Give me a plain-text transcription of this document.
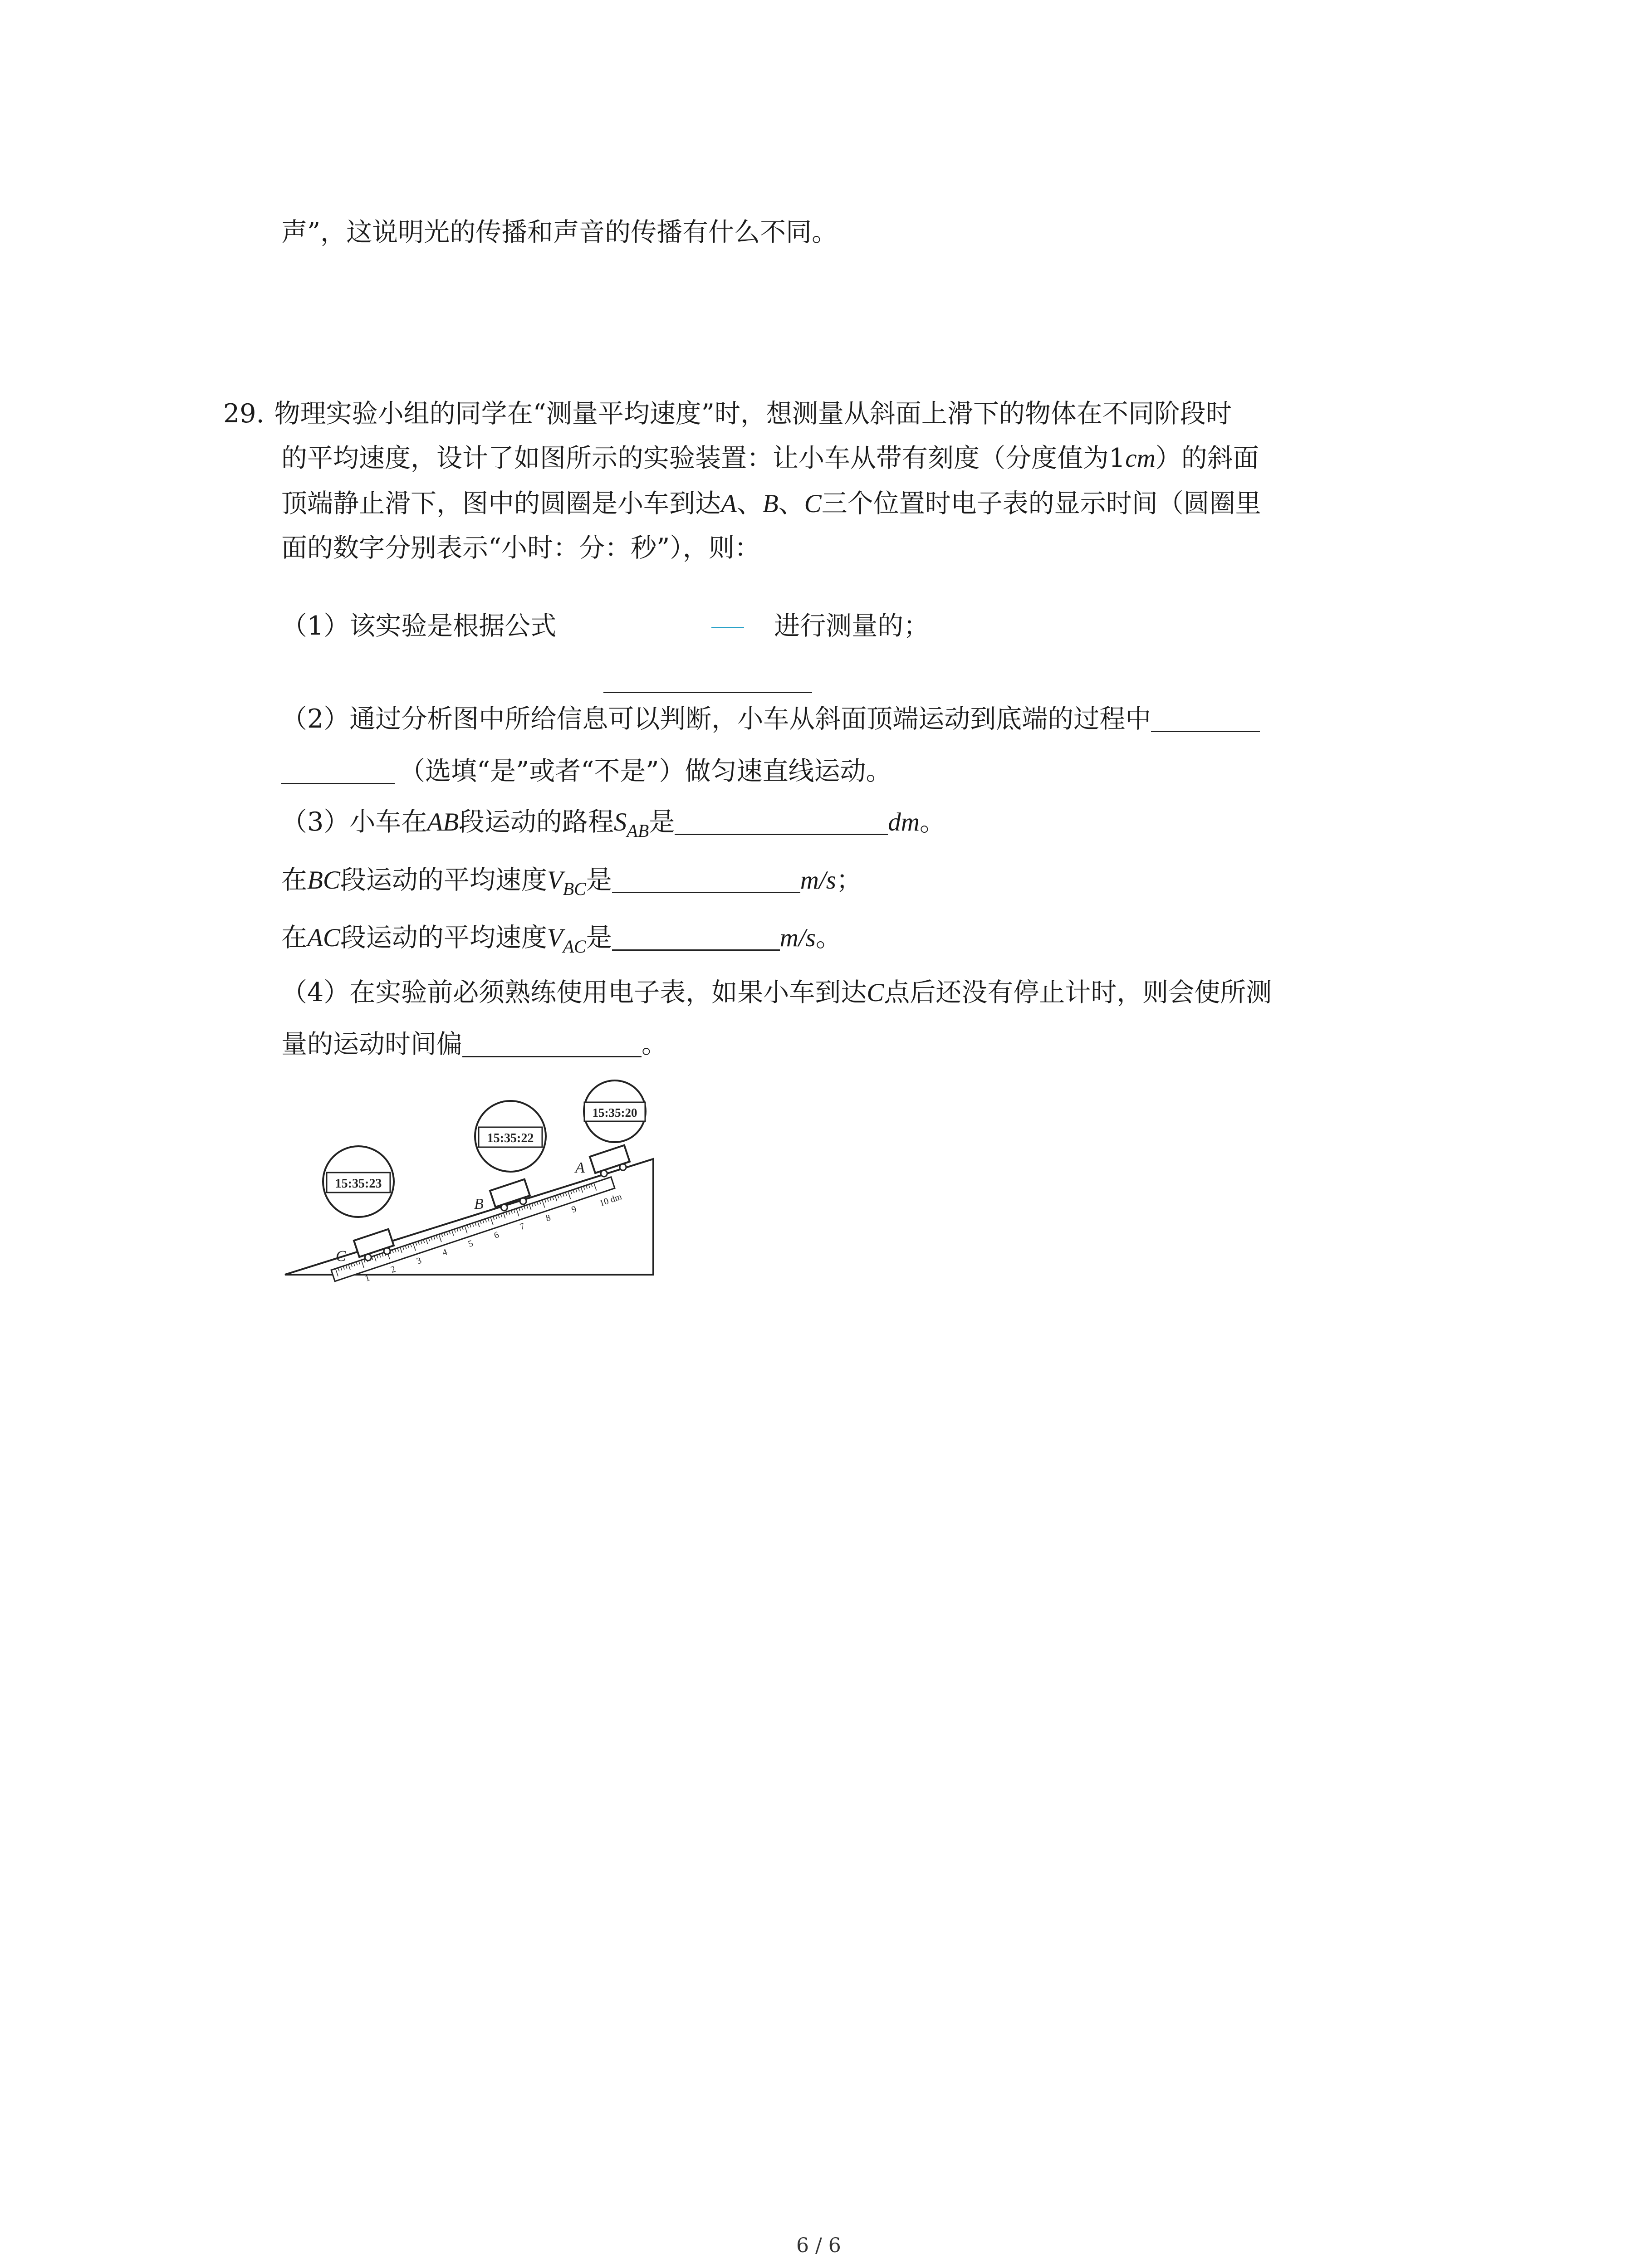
声”，这说明光的传播和声音的传播有什么不同。
29. 物理实验小组的同学在“测量平均速度”时，想测量从斜面上滑下的物体在不同阶段时
的平均速度，设计了如图所示的实验装置：让小车从带有刻度（分度值为1cm）的斜面
顶端静止滑下，图中的圆圈是小车到达A、B、C三个位置时电子表的显示时间（圆圈里
面的数字分别表示“小时：分：秒”），则：
（1）该实验是根据公式	进行测量的；
（2）通过分析图中所给信息可以判断，小车从斜面顶端运动到底端的过程中
（选填“是”或者“不是”）做匀速直线运动。
（3）小车在AB段运动的路程$S_{AB}$是	dm。
在BC段运动的平均速度$V_{BC}$是	m/s；
在AC段运动的平均速度$V_{AC}$是	m/s。
（4）在实验前必须熟练使用电子表，如果小车到达C点后还没有停止计时，则会使所测
量的运动时间偏	。
1
2
3
4
5
6
7
8
9
10 dm
C
B
A
15:35:23
15:35:22
15:35:20
6 / 6
